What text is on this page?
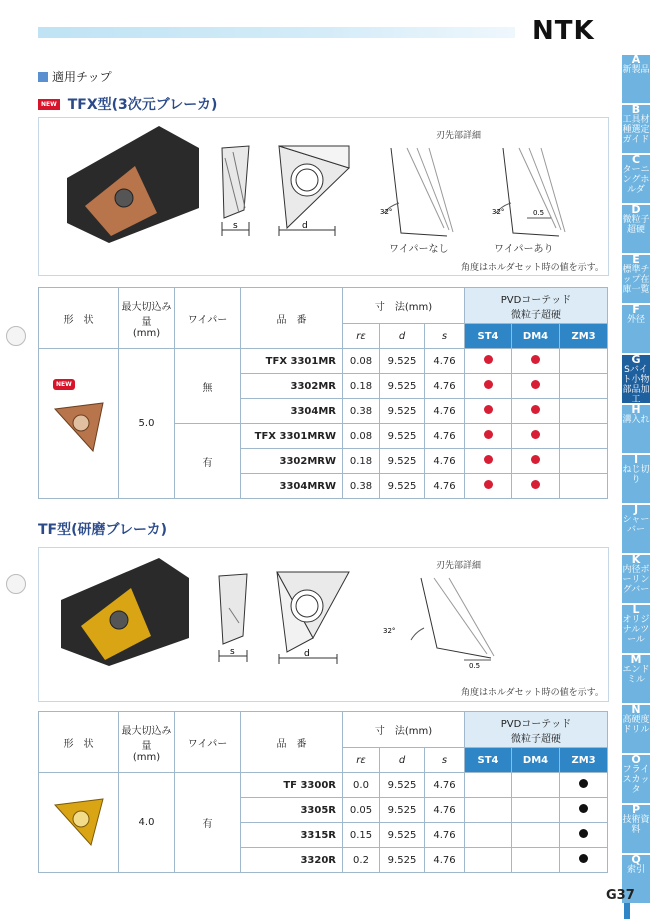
NTK
適用チップ
NEW TFX型(3次元ブレーカ)
s	d
32°	0.5
32°
刃先部詳細
ワイパーなし	ワイパーあり
角度はホルダセット時の値を示す。
形　状	最大切込み量
(mm)	ワイパー	品　番	寸　法(mm)			PVDコーテッド
微粒子超硬		
				rε	d	s	ST4	DM4	ZM3

NEW	5.0	無	TFX 3301MR	0.08	9.525	4.76			
			3302MR	0.18	9.525	4.76			
			3304MR	0.38	9.525	4.76			
		有	TFX 3301MRW	0.08	9.525	4.76			
			3302MRW	0.18	9.525	4.76			
			3304MRW	0.38	9.525	4.76			
TF型(研磨ブレーカ)
s	d
0.5
32°
刃先部詳細
角度はホルダセット時の値を示す。
形　状	最大切込み量
(mm)	ワイパー	品　番	寸　法(mm)			PVDコーテッド
微粒子超硬		
				rε	d	s	ST4	DM4	ZM3
	4.0	有	TF 3300R	0.0	9.525	4.76			
			3305R	0.05	9.525	4.76			
			3315R	0.15	9.525	4.76			
			3320R	0.2	9.525	4.76			
A
新製品
B
工具材種選定ガイド
C
ターニングホルダ
D
微粒子超硬
E
標準チップ在庫一覧
F
外径
G
Sバイト小物部品加工
H
溝入れ
I
ねじ切り
J
シャーバー
K
内径ボーリングバー
L
オリジナルツール
M
エンドミル
N
高硬度ドリル
O
フライスカッタ
P
技術資料
Q
索引
G37
